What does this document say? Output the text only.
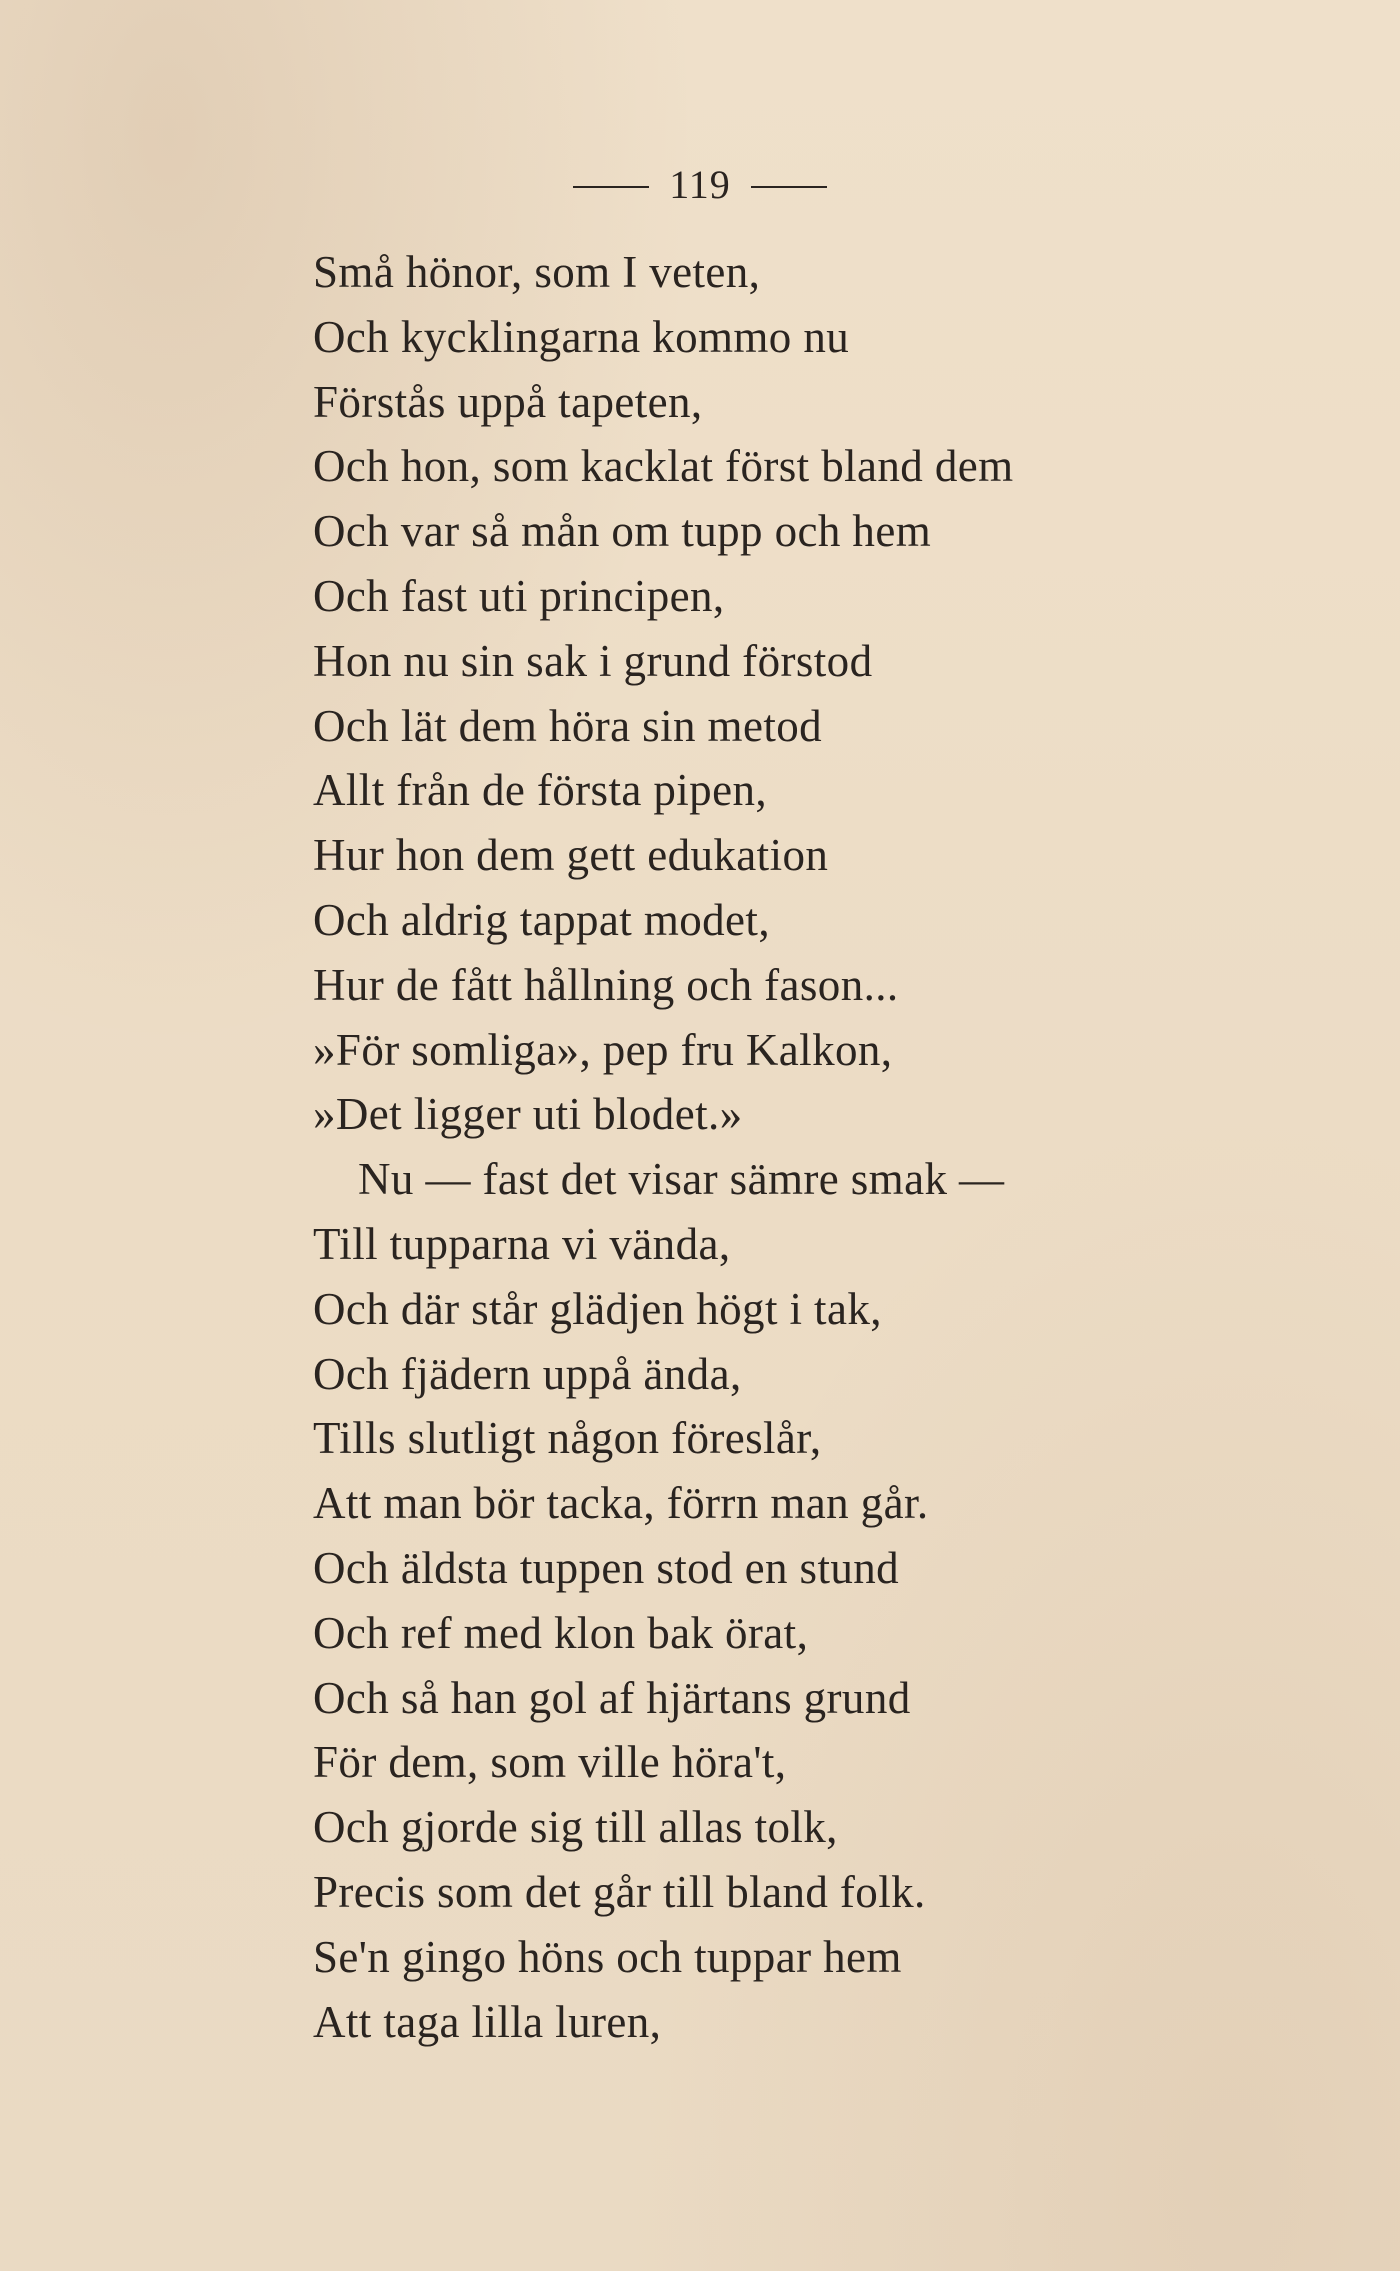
119
Små hönor, som I veten,
Och kycklingarna kommo nu
Förstås uppå tapeten,
Och hon, som kacklat först bland dem
Och var så mån om tupp och hem
Och fast uti principen,
Hon nu sin sak i grund förstod
Och lät dem höra sin metod
Allt från de första pipen,
Hur hon dem gett edukation
Och aldrig tappat modet,
Hur de fått hållning och fason...
»För somliga», pep fru Kalkon,
»Det ligger uti blodet.»
Nu — fast det visar sämre smak —
Till tupparna vi vända,
Och där står glädjen högt i tak,
Och fjädern uppå ända,
Tills slutligt någon föreslår,
Att man bör tacka, förrn man går.
Och äldsta tuppen stod en stund
Och ref med klon bak örat,
Och så han gol af hjärtans grund
För dem, som ville höra't,
Och gjorde sig till allas tolk,
Precis som det går till bland folk.
Se'n gingo höns och tuppar hem
Att taga lilla luren,
